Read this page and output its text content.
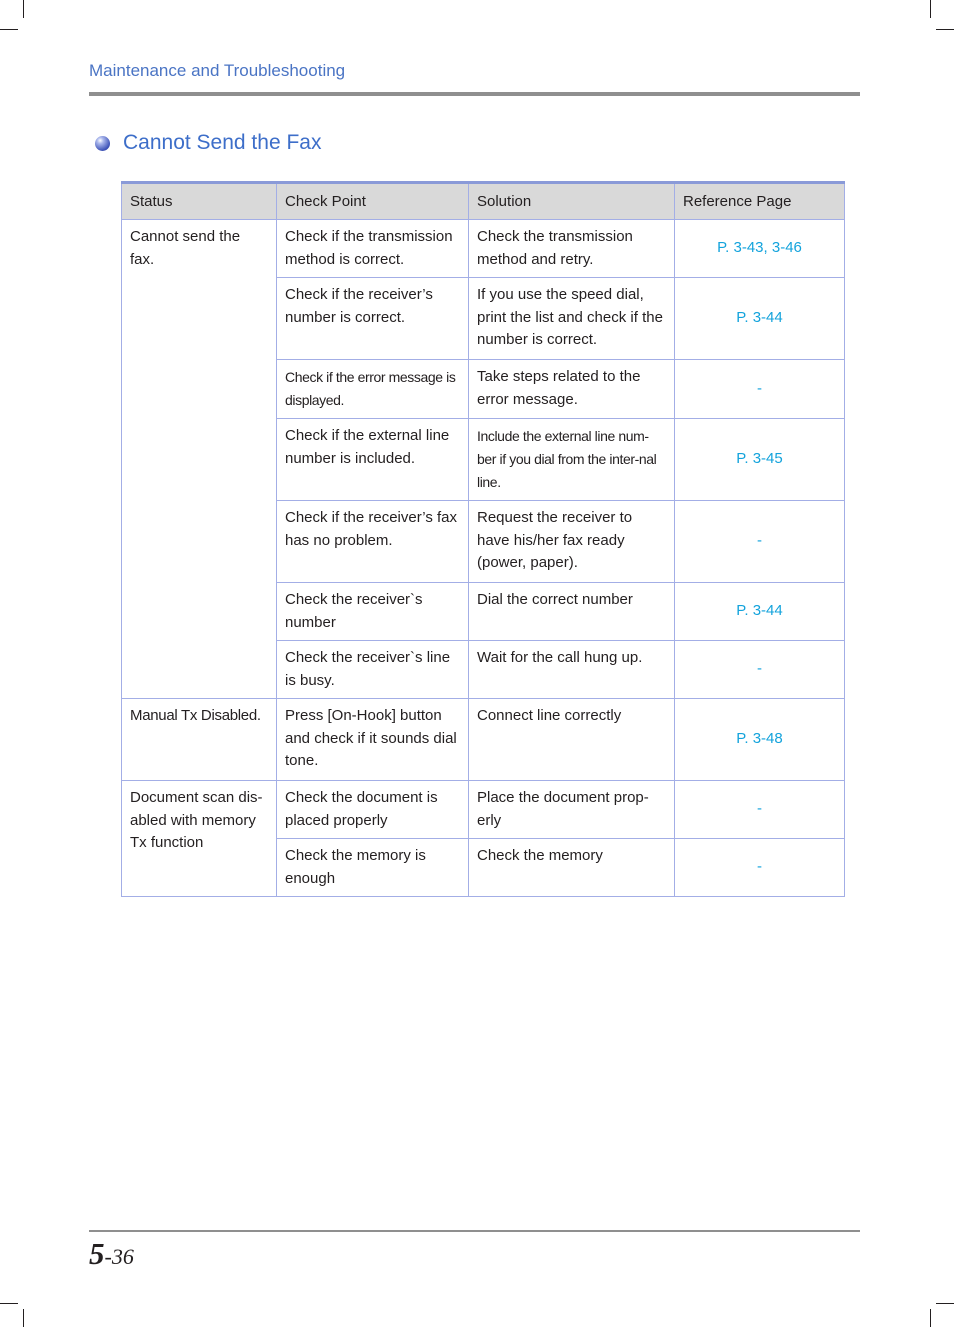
Maintenance and Troubleshooting
Cannot Send the Fax
Status	Check Point	Solution	Reference Page
Cannot send the fax.	Check if the transmission method is correct.	Check the transmission method and retry.	P. 3-43, 3-46
	Check if the receiver’s number is correct.	If you use the speed dial, print the list and check if the number is correct.	P. 3-44
	Check if the error message is displayed.	Take steps related to the error message.	-
	Check if the external line number is included.	Include the external line num-ber if you dial from the inter-nal line.	P. 3-45
	Check if the receiver’s fax has no problem.	Request the receiver to have his/her fax ready (power, paper).	-
	Check the receiver`s number	Dial the correct number	P. 3-44
	Check the receiver`s line is busy.	Wait for the call hung up.	-
Manual Tx Disabled.	Press [On-Hook] button and check if it sounds dial tone.	Connect line correctly	P. 3-48
Document scan dis-abled with memory Tx function	Check the document is placed properly	Place the document prop-erly	-
	Check the memory is enough	Check the memory	-
5-36
